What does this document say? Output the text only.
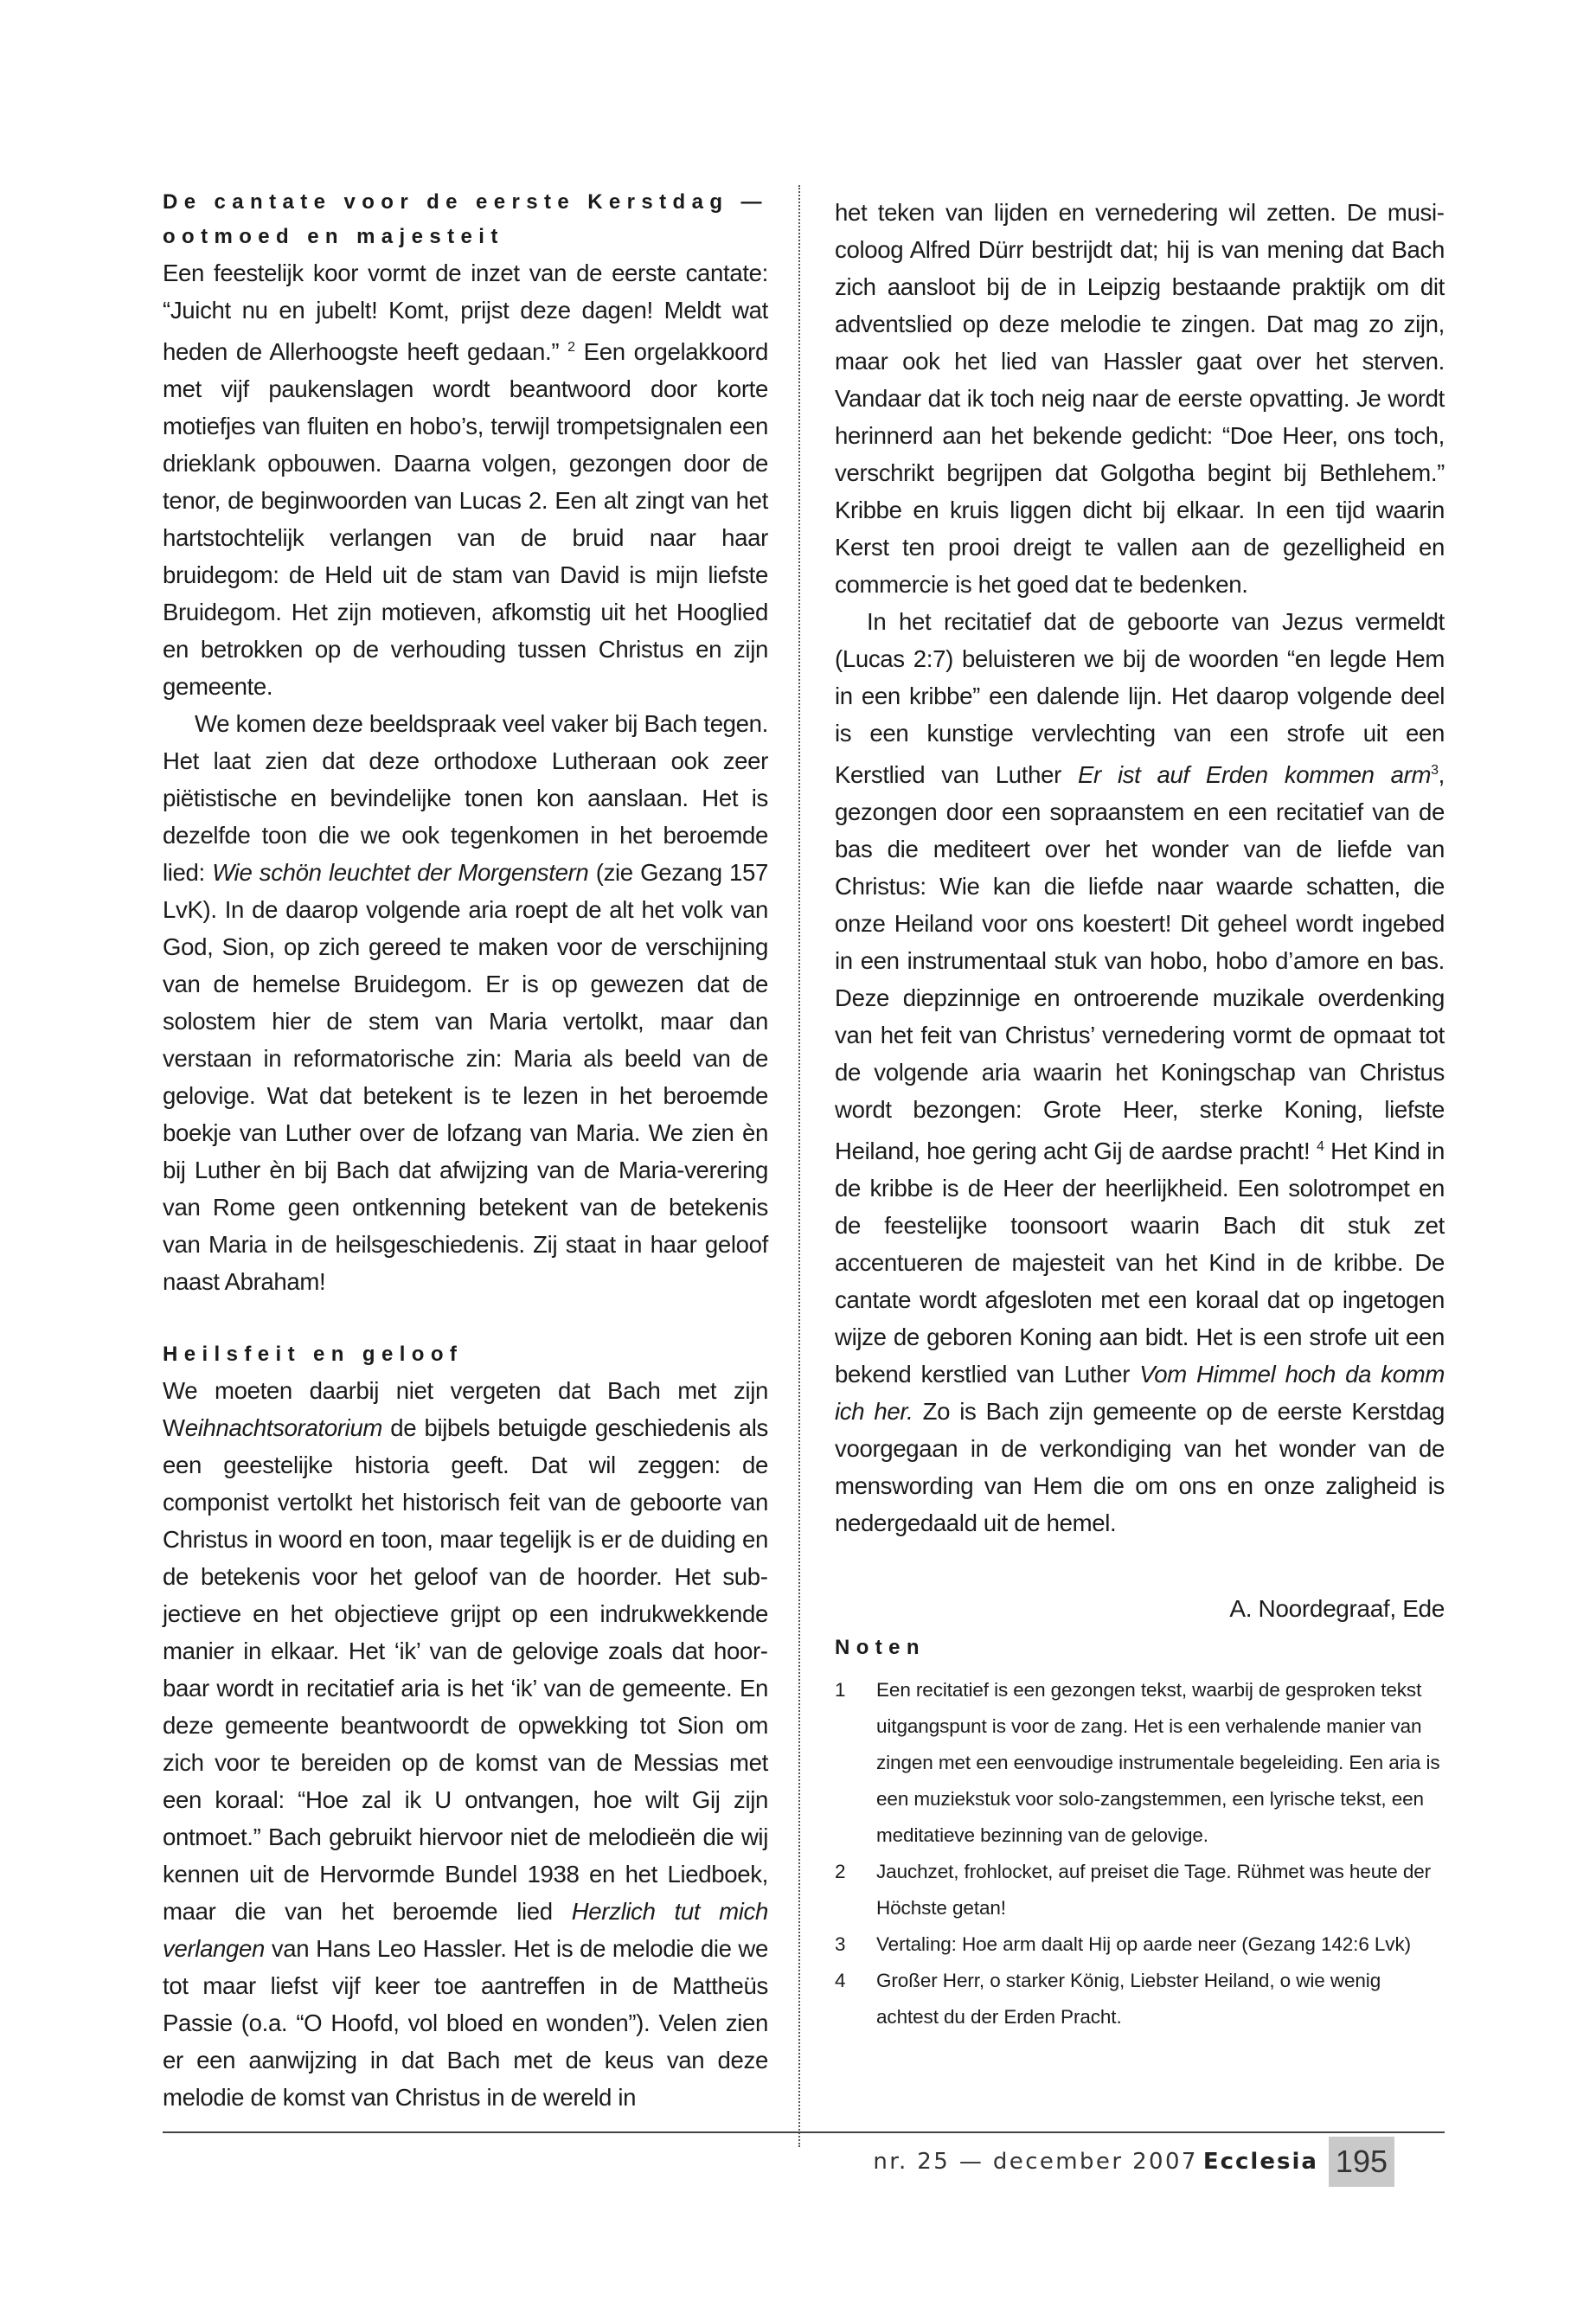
De cantate voor de eerste Kerstdag —
ootmoed en majesteit

Een feestelijk koor vormt de inzet van de eerste cantate: “Juicht nu en jubelt! Komt, prijst deze dagen! Meldt wat heden de Allerhoogste heeft gedaan.” $^2$ Een orgelakkoord met vijf paukenslagen wordt beantwoord door korte motiefjes van fluiten en hobo’s, terwijl trompetsignalen een drieklank opbouwen. Daarna volgen, gezongen door de tenor, de beginwoorden van Lucas 2. Een alt zingt van het hartstochtelijk verlangen van de bruid naar haar bruidegom: de Held uit de stam van David is mijn liefste Bruidegom. Het zijn motieven, afkomstig uit het Hooglied en betrokken op de verhouding tussen Christus en zijn gemeente.

We komen deze beeldspraak veel vaker bij Bach tegen. Het laat zien dat deze orthodoxe Lutheraan ook zeer piëtistische en bevindelijke tonen kon aanslaan. Het is dezelfde toon die we ook tegenkomen in het beroemde lied: Wie schön leuchtet der Morgenstern (zie Gezang 157 LvK). In de daarop volgende aria roept de alt het volk van God, Sion, op zich gereed te maken voor de verschijning van de hemelse Bruidegom. Er is op gewezen dat de solostem hier de stem van Maria vertolkt, maar dan verstaan in reformatorische zin: Maria als beeld van de gelovige. Wat dat betekent is te lezen in het beroemde boekje van Luther over de lofzang van Maria. We zien èn bij Luther èn bij Bach dat afwijzing van de Maria-verering van Rome geen ontkenning betekent van de betekenis van Maria in de heilsgeschiedenis. Zij staat in haar geloof naast Abraham!

Heilsfeit en geloof

We moeten daarbij niet vergeten dat Bach met zijn Weihnachtsoratorium de bijbels betuigde geschiedenis als een geestelijke historia geeft. Dat wil zeggen: de componist vertolkt het historisch feit van de geboorte van Christus in woord en toon, maar tegelijk is er de duiding en de betekenis voor het geloof van de hoorder. Het subjectieve en het objectieve grijpt op een indrukwekkende manier in elkaar. Het ‘ik’ van de gelovige zoals dat hoorbaar wordt in recitatief aria is het ‘ik’ van de gemeente. En deze gemeente beantwoordt de opwekking tot Sion om zich voor te bereiden op de komst van de Messias met een koraal: “Hoe zal ik U ontvangen, hoe wilt Gij zijn ontmoet.” Bach gebruikt hiervoor niet de melodieën die wij kennen uit de Hervormde Bundel 1938 en het Liedboek, maar die van het beroemde lied Herzlich tut mich verlangen van Hans Leo Hassler. Het is de melodie die we tot maar liefst vijf keer toe aantreffen in de Mattheüs Passie (o.a. “O Hoofd, vol bloed en wonden”). Velen zien er een aanwijzing in dat Bach met de keus van deze melodie de komst van Christus in de wereld in

het teken van lijden en vernedering wil zetten. De musicoloog Alfred Dürr bestrijdt dat; hij is van mening dat Bach zich aansloot bij de in Leipzig bestaande praktijk om dit adventslied op deze melodie te zingen. Dat mag zo zijn, maar ook het lied van Hassler gaat over het sterven. Vandaar dat ik toch neig naar de eerste opvatting. Je wordt herinnerd aan het bekende gedicht: “Doe Heer, ons toch, verschrikt begrijpen dat Golgotha begint bij Bethlehem.” Kribbe en kruis liggen dicht bij elkaar. In een tijd waarin Kerst ten prooi dreigt te vallen aan de gezelligheid en commercie is het goed dat te bedenken.

In het recitatief dat de geboorte van Jezus vermeldt (Lucas 2:7) beluisteren we bij de woorden “en legde Hem in een kribbe” een dalende lijn. Het daarop volgende deel is een kunstige vervlechting van een strofe uit een Kerstlied van Luther Er ist auf Erden kommen arm$^3$, gezongen door een sopraanstem en een recitatief van de bas die mediteert over het wonder van de liefde van Christus: Wie kan die liefde naar waarde schatten, die onze Heiland voor ons koestert! Dit geheel wordt ingebed in een instrumentaal stuk van hobo, hobo d’amore en bas. Deze diepzinnige en ontroerende muzikale overdenking van het feit van Christus’ vernedering vormt de opmaat tot de volgende aria waarin het Koningschap van Christus wordt bezongen: Grote Heer, sterke Koning, liefste Heiland, hoe gering acht Gij de aardse pracht! $^4$ Het Kind in de kribbe is de Heer der heerlijkheid. Een solotrompet en de feestelijke toonsoort waarin Bach dit stuk zet accentueren de majesteit van het Kind in de kribbe. De cantate wordt afgesloten met een koraal dat op ingetogen wijze de geboren Koning aan bidt. Het is een strofe uit een bekend kerstlied van Luther Vom Himmel hoch da komm ich her. Zo is Bach zijn gemeente op de eerste Kerstdag voorgegaan in de verkondiging van het wonder van de menswording van Hem die om ons en onze zaligheid is nedergedaald uit de hemel.

A. Noordegraaf, Ede
Noten
1	Een recitatief is een gezongen tekst, waarbij de gesproken tekst uitgangspunt is voor de zang. Het is een verhalende manier van zingen met een eenvoudige instrumentale begeleiding. Een aria is een muziekstuk voor solo-zangstemmen, een lyrische tekst, een meditatieve bezinning van de gelovige.
2	Jauchzet, frohlocket, auf preiset die Tage. Rühmet was heute der Höchste getan!
3	Vertaling: Hoe arm daalt Hij op aarde neer (Gezang 142:6 Lvk)
4	Großer Herr, o starker König, Liebster Heiland, o wie wenig achtest du der Erden Pracht.
nr. 25 — december 2007 Ecclesia 195
